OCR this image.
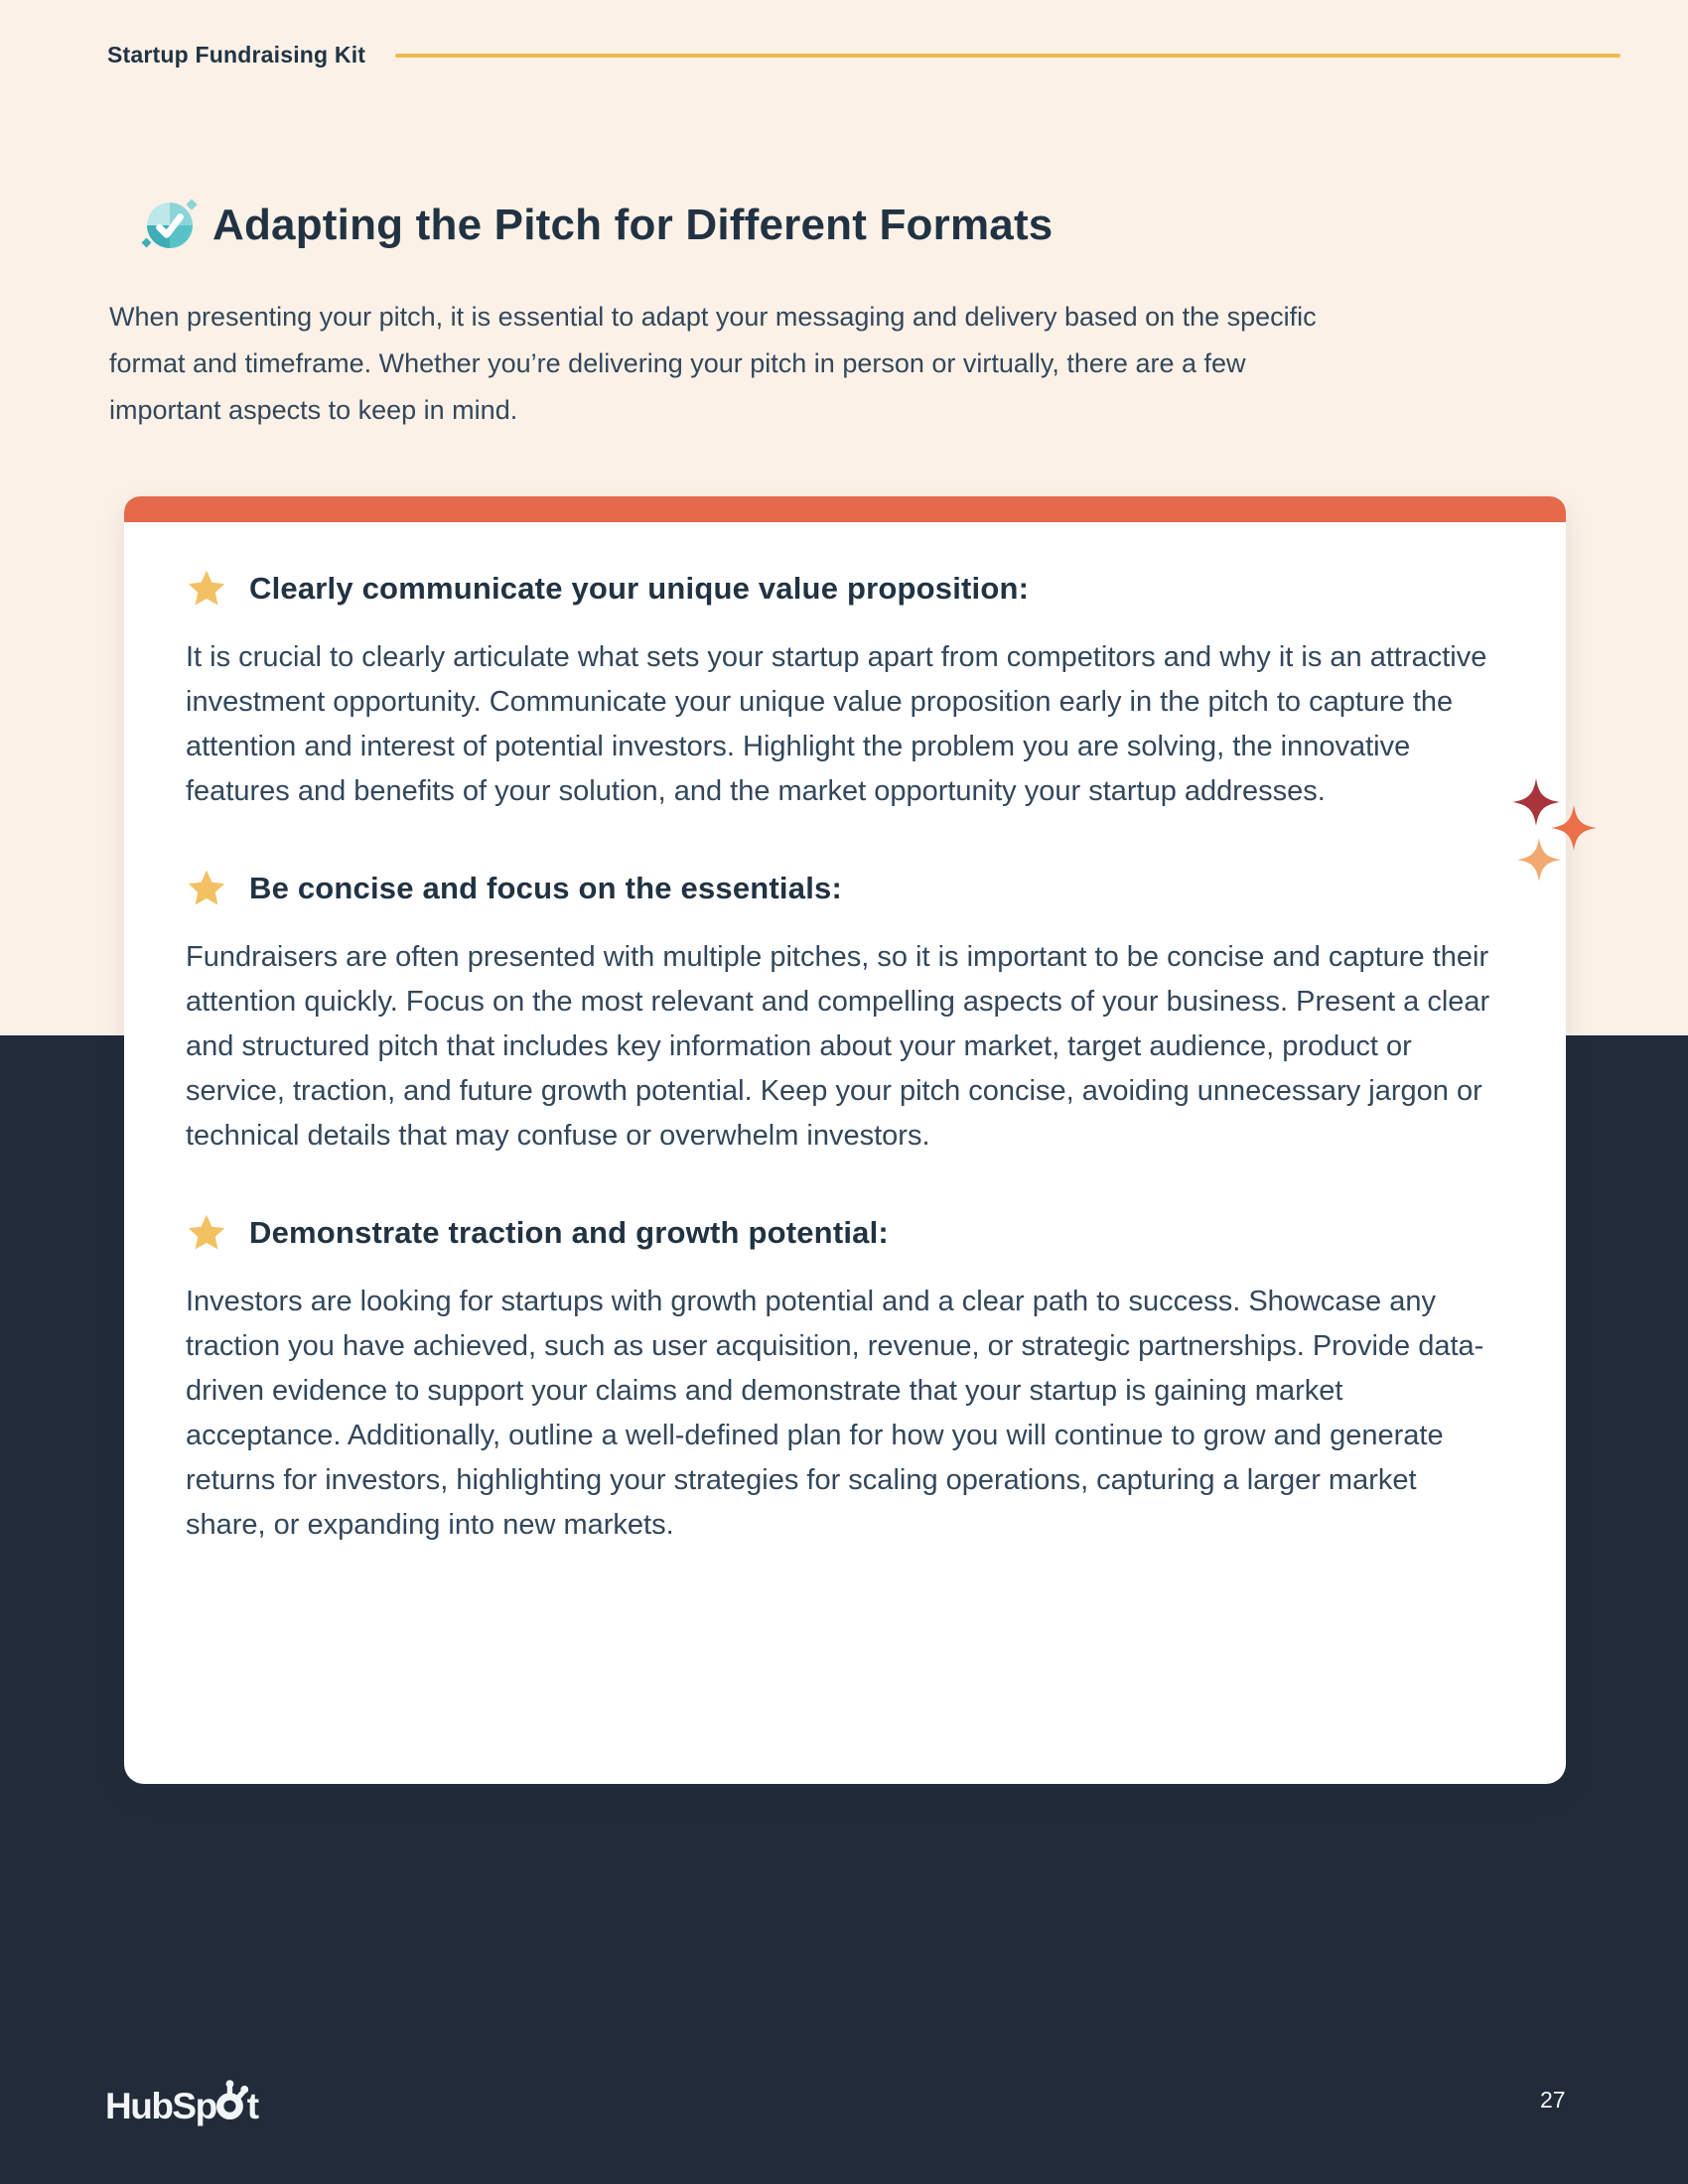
Startup Fundraising Kit
Adapting the Pitch for Different Formats

When presenting your pitch, it is essential to adapt your messaging and delivery based on the specific format and timeframe. Whether you’re delivering your pitch in person or virtually, there are a few important aspects to keep in mind.

Clearly communicate your unique value proposition:

It is crucial to clearly articulate what sets your startup apart from competitors and why it is an attractive investment opportunity. Communicate your unique value proposition early in the pitch to capture the attention and interest of potential investors. Highlight the problem you are solving, the innovative features and benefits of your solution, and the market opportunity your startup addresses.

Be concise and focus on the essentials:

Fundraisers are often presented with multiple pitches, so it is important to be concise and capture their attention quickly. Focus on the most relevant and compelling aspects of your business. Present a clear and structured pitch that includes key information about your market, target audience, product or service, traction, and future growth potential. Keep your pitch concise, avoiding unnecessary jargon or technical details that may confuse or overwhelm investors.

Demonstrate traction and growth potential:

Investors are looking for startups with growth potential and a clear path to success. Showcase any traction you have achieved, such as user acquisition, revenue, or strategic partnerships. Provide data-driven evidence to support your claims and demonstrate that your startup is gaining market acceptance. Additionally, outline a well-defined plan for how you will continue to grow and generate returns for investors, highlighting your strategies for scaling operations, capturing a larger market share, or expanding into new markets.

HubSp t	27
